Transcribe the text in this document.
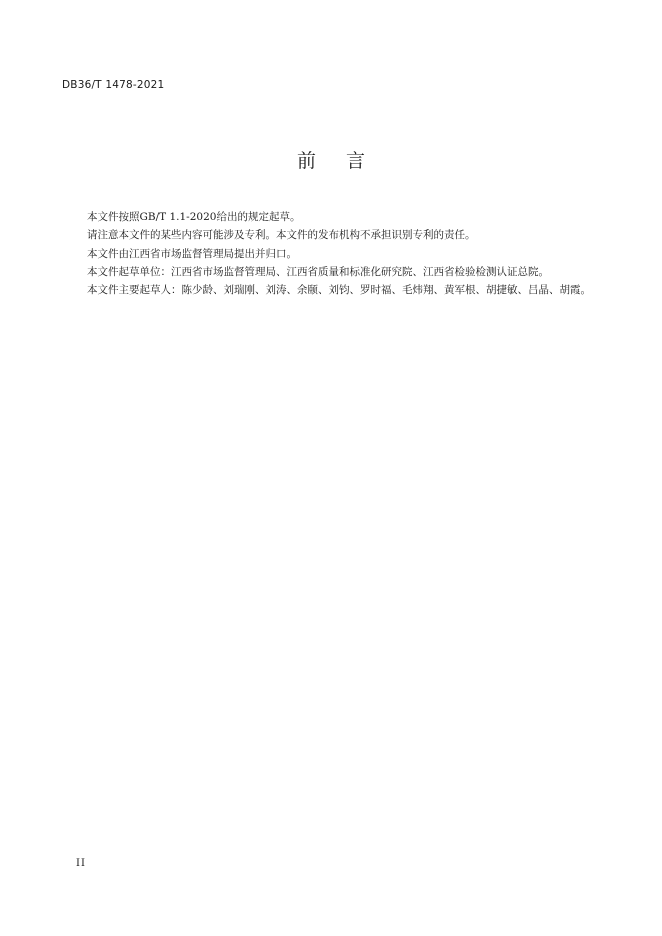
DB36/T 1478-2021
前言

本文件按照GB/T 1.1-2020给出的规定起草。

请注意本文件的某些内容可能涉及专利。本文件的发布机构不承担识别专利的责任。

本文件由江西省市场监督管理局提出并归口。

本文件起草单位：江西省市场监督管理局、江西省质量和标准化研究院、江西省检验检测认证总院。

本文件主要起草人：陈少龄、刘瑞刚、刘涛、余颐、刘钧、罗时福、毛炜翔、黄军根、胡捷敏、吕晶、胡霞。

II
